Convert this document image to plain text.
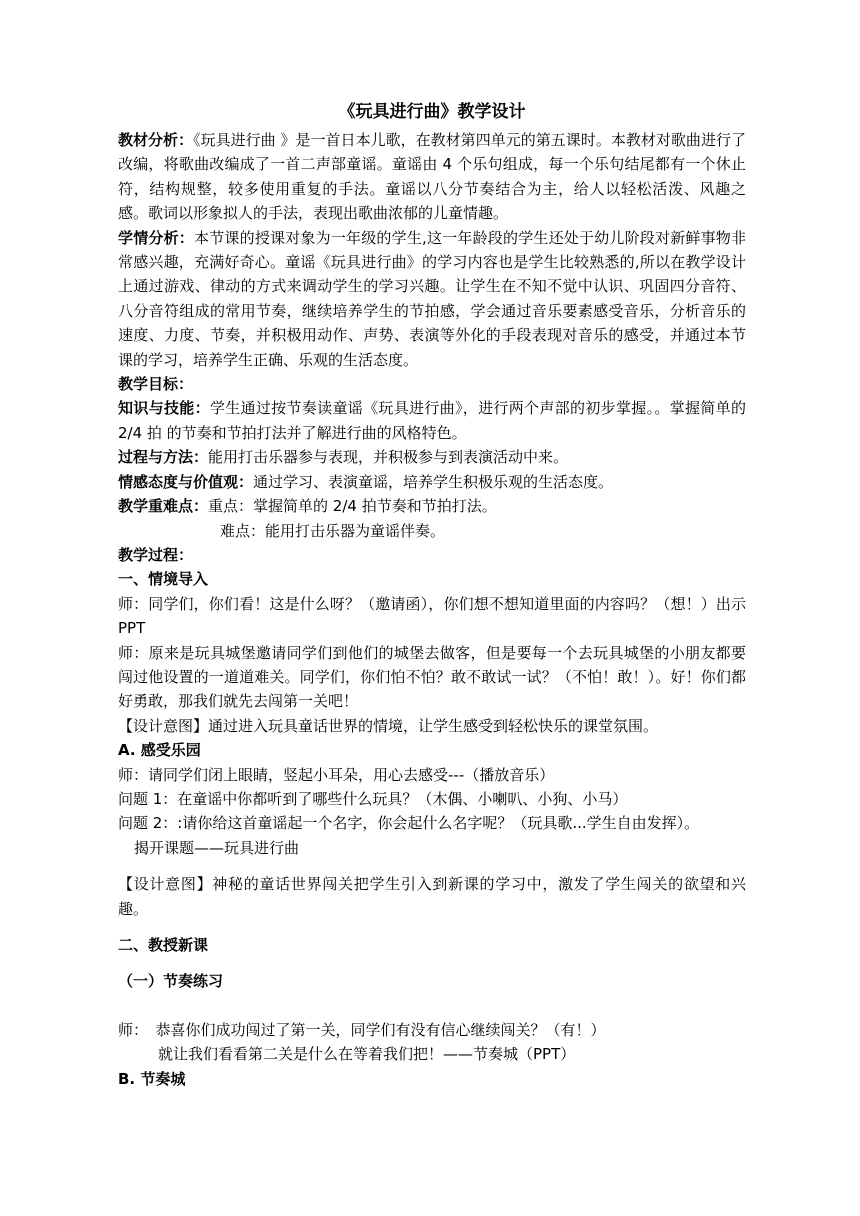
《玩具进行曲》教学设计

教材分析：《玩具进行曲 》是一首日本儿歌，在教材第四单元的第五课时。本教材对歌曲进行了改编，将歌曲改编成了一首二声部童谣。童谣由 4 个乐句组成，每一个乐句结尾都有一个休止符，结构规整，较多使用重复的手法。童谣以八分节奏结合为主，给人以轻松活泼、风趣之感。歌词以形象拟人的手法，表现出歌曲浓郁的儿童情趣。

学情分析：本节课的授课对象为一年级的学生,这一年龄段的学生还处于幼儿阶段对新鲜事物非常感兴趣，充满好奇心。童谣《玩具进行曲》的学习内容也是学生比较熟悉的,所以在教学设计上通过游戏、律动的方式来调动学生的学习兴趣。让学生在不知不觉中认识、巩固四分音符、八分音符组成的常用节奏，继续培养学生的节拍感，学会通过音乐要素感受音乐，分析音乐的速度、力度、节奏，并积极用动作、声势、表演等外化的手段表现对音乐的感受，并通过本节课的学习，培养学生正确、乐观的生活态度。

教学目标：

知识与技能：学生通过按节奏读童谣《玩具进行曲》，进行两个声部的初步掌握。。掌握简单的 2/4 拍 的节奏和节拍打法并了解进行曲的风格特色。

过程与方法：能用打击乐器参与表现，并积极参与到表演活动中来。

情感态度与价值观：通过学习、表演童谣，培养学生积极乐观的生活态度。

教学重难点：重点：掌握简单的 2/4 拍节奏和节拍打法。

难点：能用打击乐器为童谣伴奏。

教学过程：

一、情境导入

师：同学们，你们看！这是什么呀？（邀请函），你们想不想知道里面的内容吗？（想！）出示 PPT

师：原来是玩具城堡邀请同学们到他们的城堡去做客，但是要每一个去玩具城堡的小朋友都要闯过他设置的一道道难关。同学们，你们怕不怕？敢不敢试一试？（不怕！敢！）。好！你们都好勇敢，那我们就先去闯第一关吧！

【设计意图】通过进入玩具童话世界的情境，让学生感受到轻松快乐的课堂氛围。

A. 感受乐园

师：请同学们闭上眼睛，竖起小耳朵，用心去感受---（播放音乐）

问题 1：在童谣中你都听到了哪些什么玩具？（木偶、小喇叭、小狗、小马）

问题 2：:请你给这首童谣起一个名字，你会起什么名字呢？（玩具歌...学生自由发挥）。

揭开课题——玩具进行曲

【设计意图】神秘的童话世界闯关把学生引入到新课的学习中，激发了学生闯关的欲望和兴趣。

二、教授新课

（一）节奏练习

师：　恭喜你们成功闯过了第一关，同学们有没有信心继续闯关？（有！）

就让我们看看第二关是什么在等着我们把！——节奏城（PPT）

B. 节奏城
